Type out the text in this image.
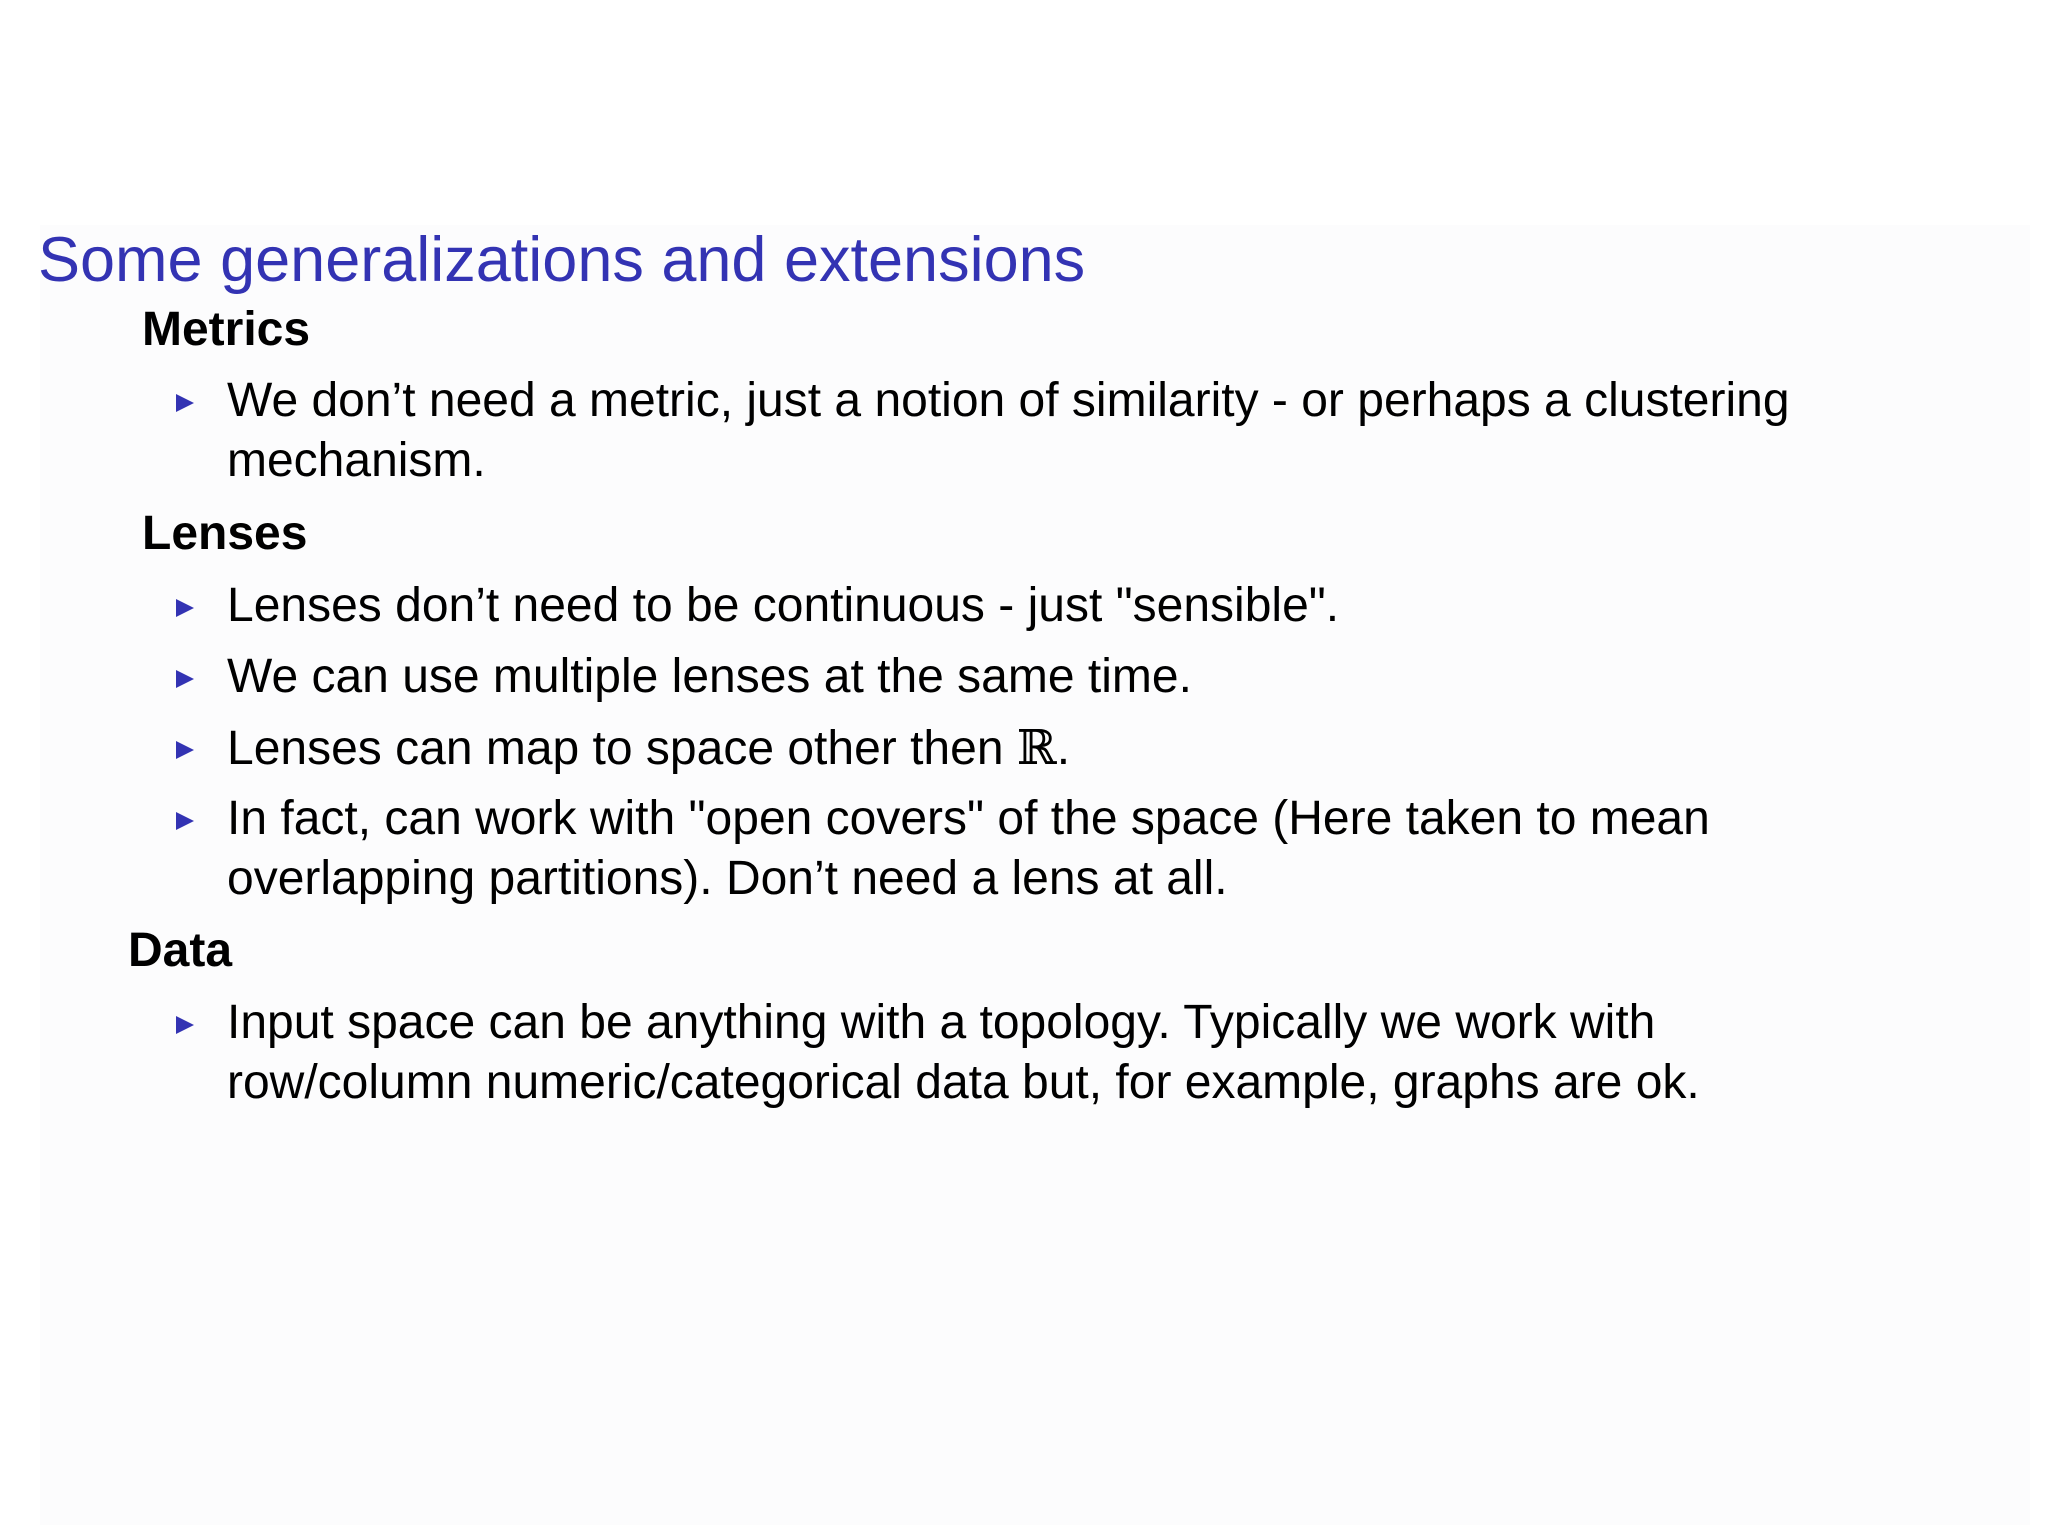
Some generalizations and extensions
Metrics

We don’t need a metric, just a notion of similarity - or perhaps a clustering
mechanism.

Lenses

Lenses don’t need to be continuous - just "sensible".

We can use multiple lenses at the same time.

Lenses can map to space other then ℝ.

In fact, can work with "open covers" of the space (Here taken to mean
overlapping partitions). Don’t need a lens at all.

Data

Input space can be anything with a topology. Typically we work with
row/column numeric/categorical data but, for example, graphs are ok.
